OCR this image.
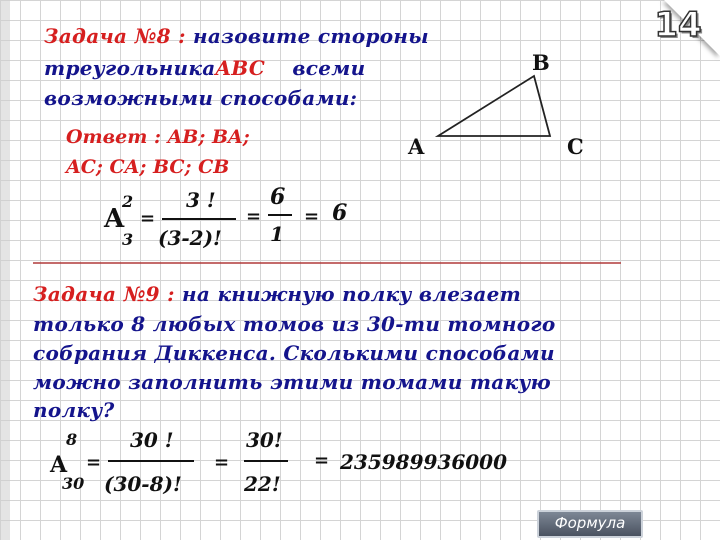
14
Задача №8 : назовите стороны
треугольникаABC всеми
возможными способами:
A
B
C
Ответ : AB; BA;
AC; CA; BC; CB
A
2
3
=
3 !
(3-2)!
=
6
1
= 6
Задача №9 : на книжную полку влезает
только 8 любых томов из 30-ти томного
собрания Диккенса. Сколькими способами
можно заполнить этими томами такую
полку?
8
A
30
=
30 !
(30-8)!
=
30!
22!
= 235989936000
Формула
